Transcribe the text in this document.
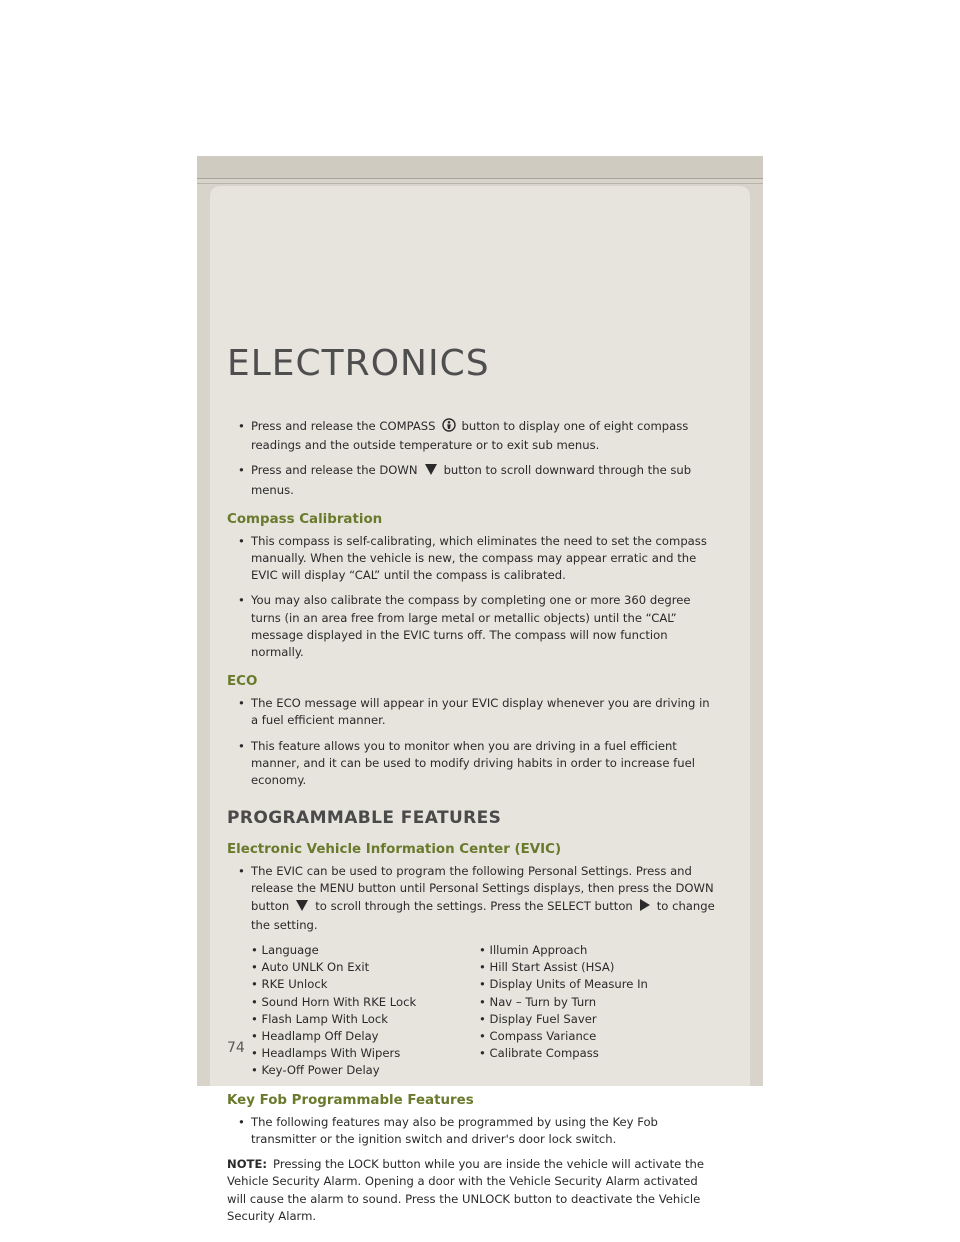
ELECTRONICS
• Press and release the COMPASS button to display one of eight compass readings and the outside temperature or to exit sub menus.
• Press and release the DOWN button to scroll downward through the sub menus.
Compass Calibration
• This compass is self-calibrating, which eliminates the need to set the compass manually. When the vehicle is new, the compass may appear erratic and the EVIC will display “CAL” until the compass is calibrated.
• You may also calibrate the compass by completing one or more 360 degree turns (in an area free from large metal or metallic objects) until the “CAL” message displayed in the EVIC turns off. The compass will now function normally.
ECO
• The ECO message will appear in your EVIC display whenever you are driving in a fuel efficient manner.
• This feature allows you to monitor when you are driving in a fuel efficient manner, and it can be used to modify driving habits in order to increase fuel economy.
PROGRAMMABLE FEATURES
Electronic Vehicle Information Center (EVIC)
• The EVIC can be used to program the following Personal Settings. Press and release the MENU button until Personal Settings displays, then press the DOWN button to scroll through the settings. Press the SELECT button to change the setting.
• Language
• Auto UNLK On Exit
• RKE Unlock
• Sound Horn With RKE Lock
• Flash Lamp With Lock
• Headlamp Off Delay
• Headlamps With Wipers
• Key-Off Power Delay
• Illumin Approach
• Hill Start Assist (HSA)
• Display Units of Measure In
• Nav – Turn by Turn
• Display Fuel Saver
• Compass Variance
• Calibrate Compass
Key Fob Programmable Features
• The following features may also be programmed by using the Key Fob transmitter or the ignition switch and driver's door lock switch.

NOTE: Pressing the LOCK button while you are inside the vehicle will activate the Vehicle Security Alarm. Opening a door with the Vehicle Security Alarm activated will cause the alarm to sound. Press the UNLOCK button to deactivate the Vehicle Security Alarm.

74
